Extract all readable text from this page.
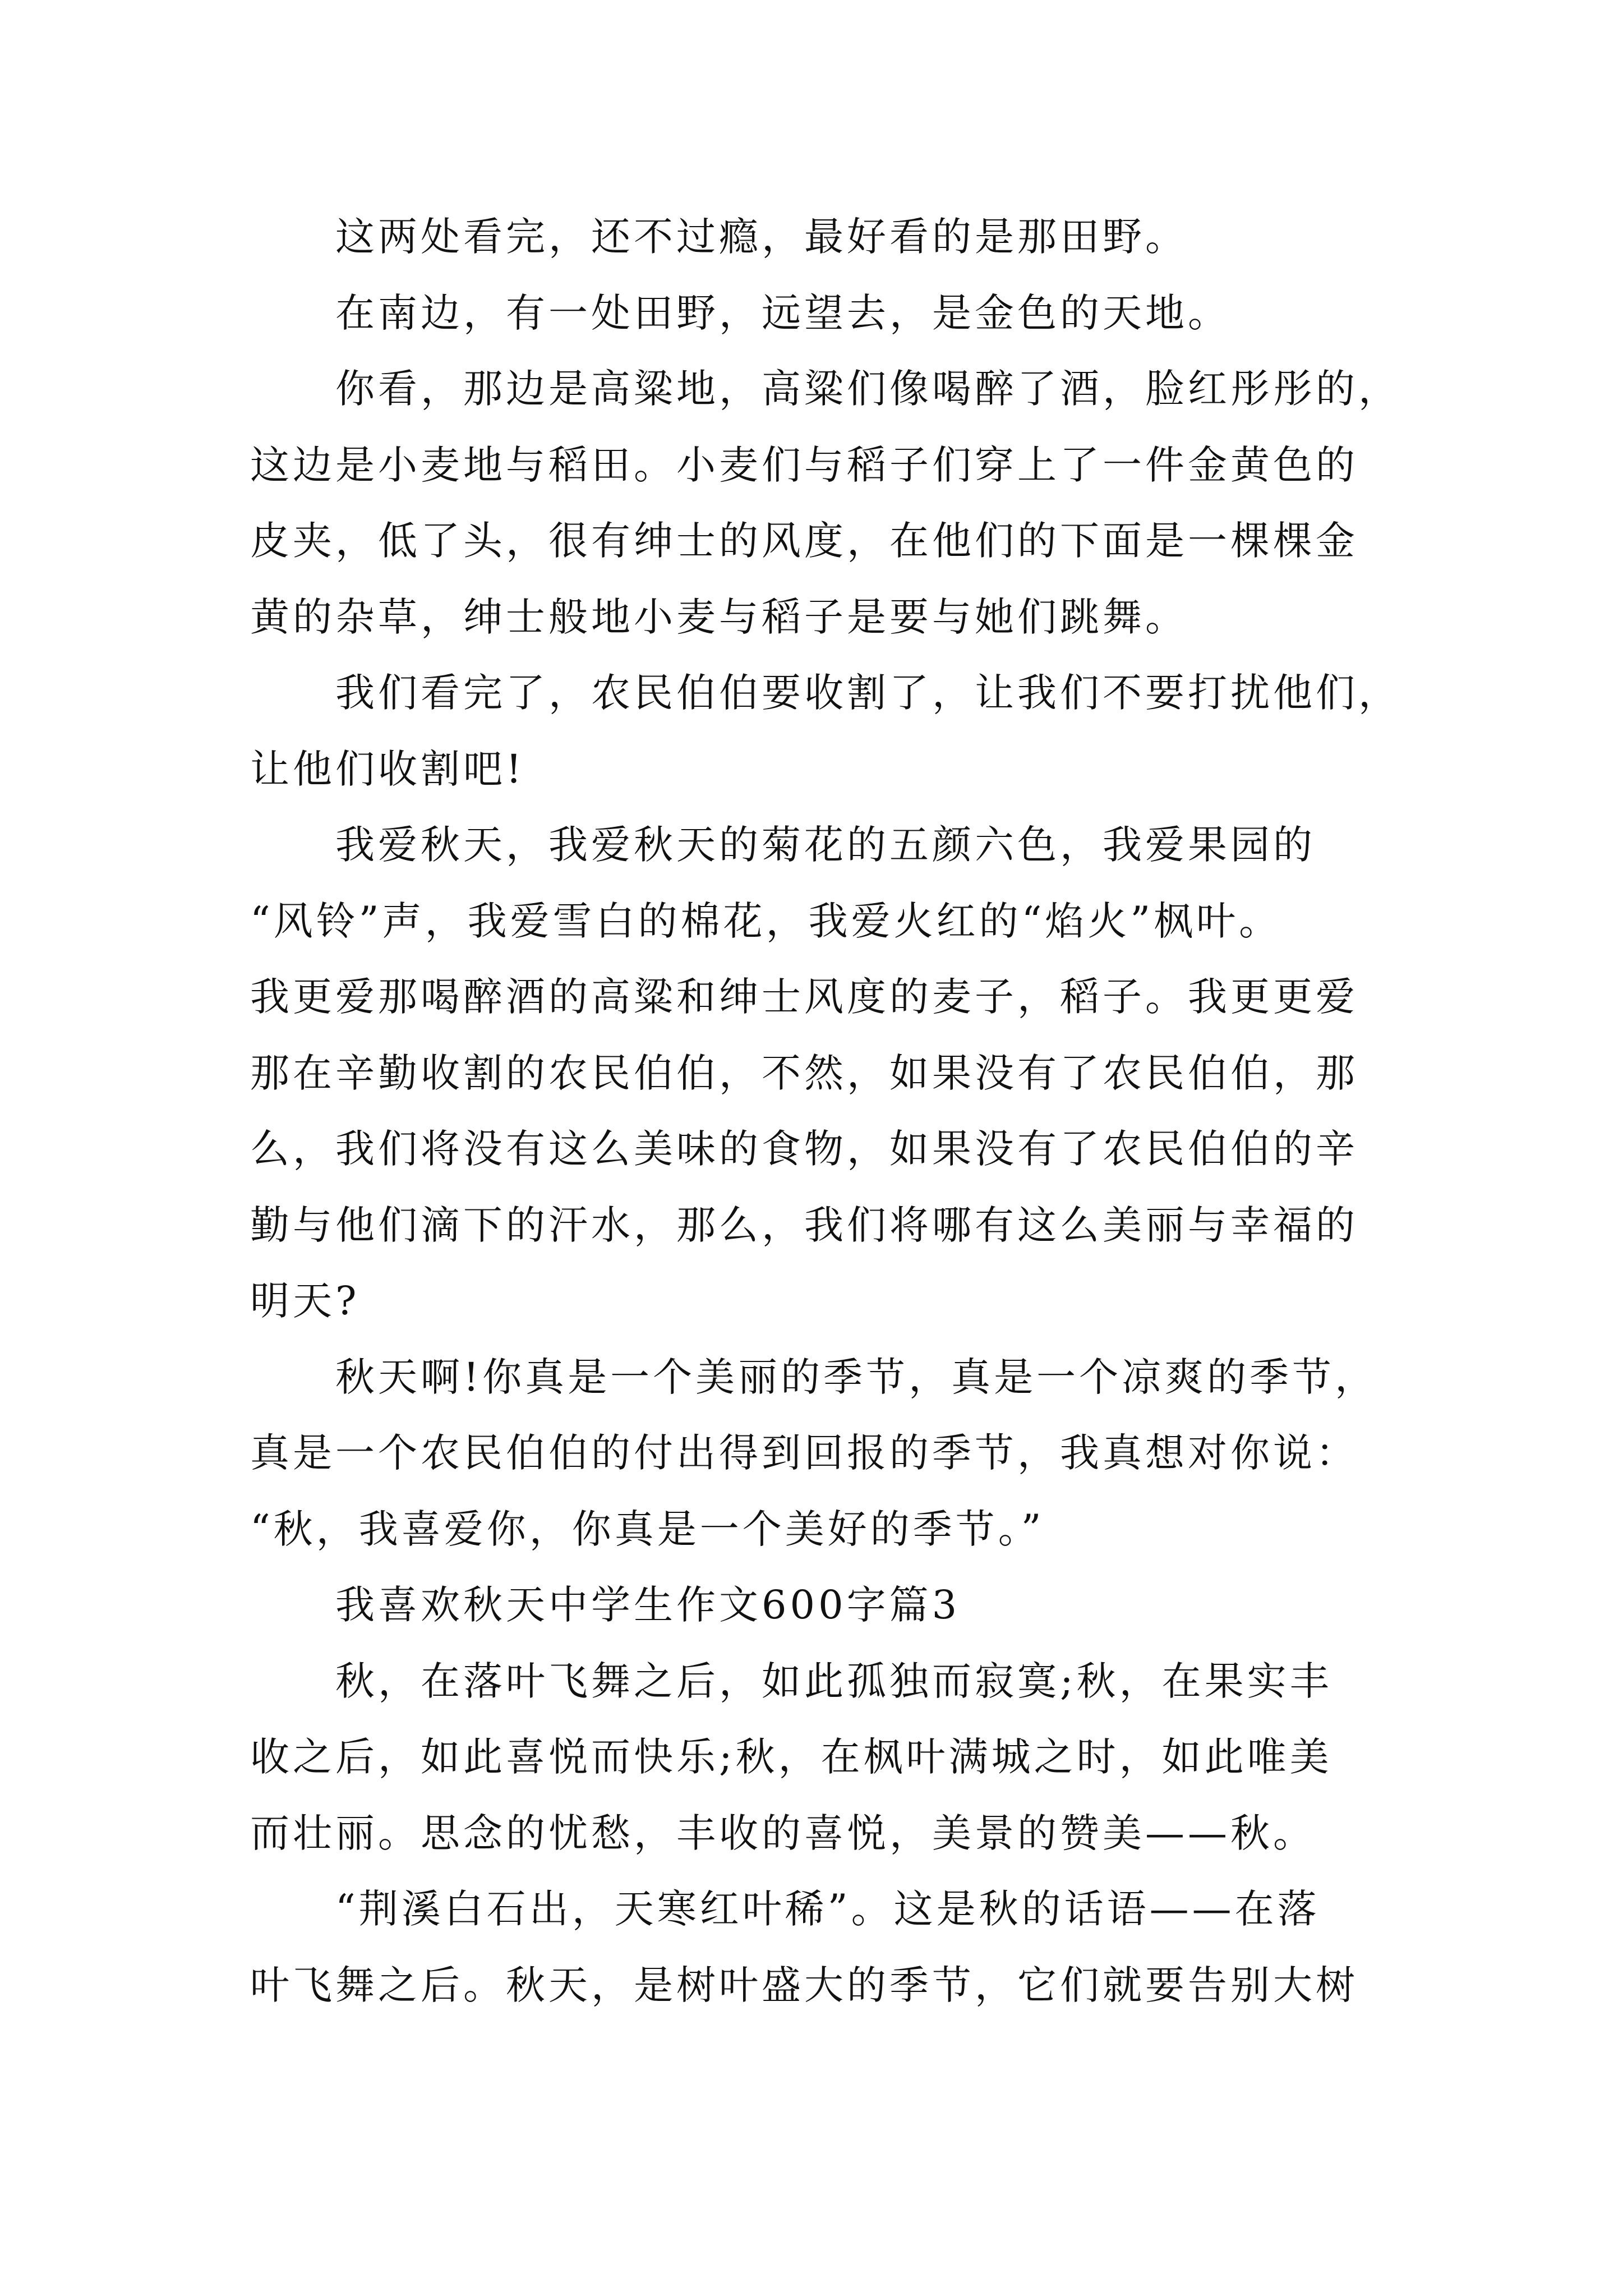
这两处看完，还不过瘾，最好看的是那田野。

在南边，有一处田野，远望去，是金色的天地。

你看，那边是高粱地，高粱们像喝醉了酒，脸红彤彤的，
这边是小麦地与稻田。小麦们与稻子们穿上了一件金黄色的
皮夹，低了头，很有绅士的风度，在他们的下面是一棵棵金
黄的杂草，绅士般地小麦与稻子是要与她们跳舞。

我们看完了，农民伯伯要收割了，让我们不要打扰他们，
让他们收割吧!

我爱秋天，我爱秋天的菊花的五颜六色，我爱果园的
“风铃”声，我爱雪白的棉花，我爱火红的“焰火”枫叶。
我更爱那喝醉酒的高粱和绅士风度的麦子，稻子。我更更爱
那在辛勤收割的农民伯伯，不然，如果没有了农民伯伯，那
么，我们将没有这么美味的食物，如果没有了农民伯伯的辛
勤与他们滴下的汗水，那么，我们将哪有这么美丽与幸福的
明天?

秋天啊!你真是一个美丽的季节，真是一个凉爽的季节，
真是一个农民伯伯的付出得到回报的季节，我真想对你说：
“秋，我喜爱你，你真是一个美好的季节。”

我喜欢秋天中学生作文600字篇3

秋，在落叶飞舞之后，如此孤独而寂寞;秋，在果实丰
收之后，如此喜悦而快乐;秋，在枫叶满城之时，如此唯美
而壮丽。思念的忧愁，丰收的喜悦，美景的赞美——秋。

“荆溪白石出，天寒红叶稀”。这是秋的话语——在落
叶飞舞之后。秋天，是树叶盛大的季节，它们就要告别大树
